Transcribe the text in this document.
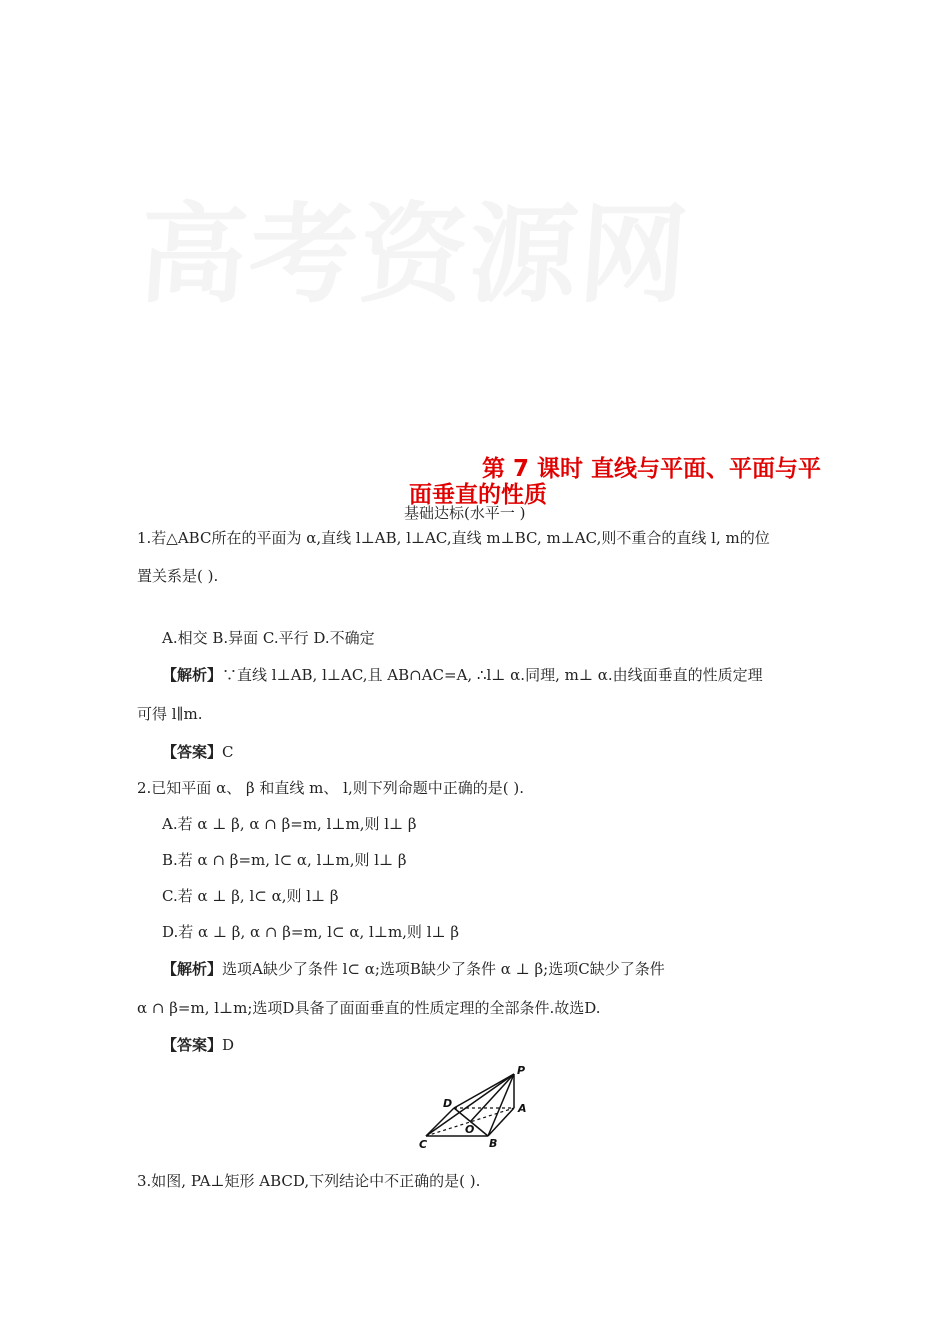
第 7 课时 直线与平面、平面与平
面垂直的性质
基础达标(水平一 )
1.若△ABC所在的平面为 α,直线 l⊥AB, l⊥AC,直线 m⊥BC, m⊥AC,则不重合的直线 l, m的位
置关系是( ).
A.相交 B.异面 C.平行 D.不确定
【解析】∵直线 l⊥AB, l⊥AC,且 AB∩AC=A, ∴l⊥ α.同理, m⊥ α.由线面垂直的性质定理
可得 l∥m.
【答案】C
2.已知平面 α、 β 和直线 m、 l,则下列命题中正确的是( ).
A.若 α ⊥ β, α ∩ β=m, l⊥m,则 l⊥ β
B.若 α ∩ β=m, l⊂ α, l⊥m,则 l⊥ β
C.若 α ⊥ β, l⊂ α,则 l⊥ β
D.若 α ⊥ β, α ∩ β=m, l⊂ α, l⊥m,则 l⊥ β
【解析】选项A缺少了条件 l⊂ α;选项B缺少了条件 α ⊥ β;选项C缺少了条件
α ∩ β=m, l⊥m;选项D具备了面面垂直的性质定理的全部条件.故选D.
【答案】D
P
A
B
C
D
O
3.如图, PA⊥矩形 ABCD,下列结论中不正确的是( ).
